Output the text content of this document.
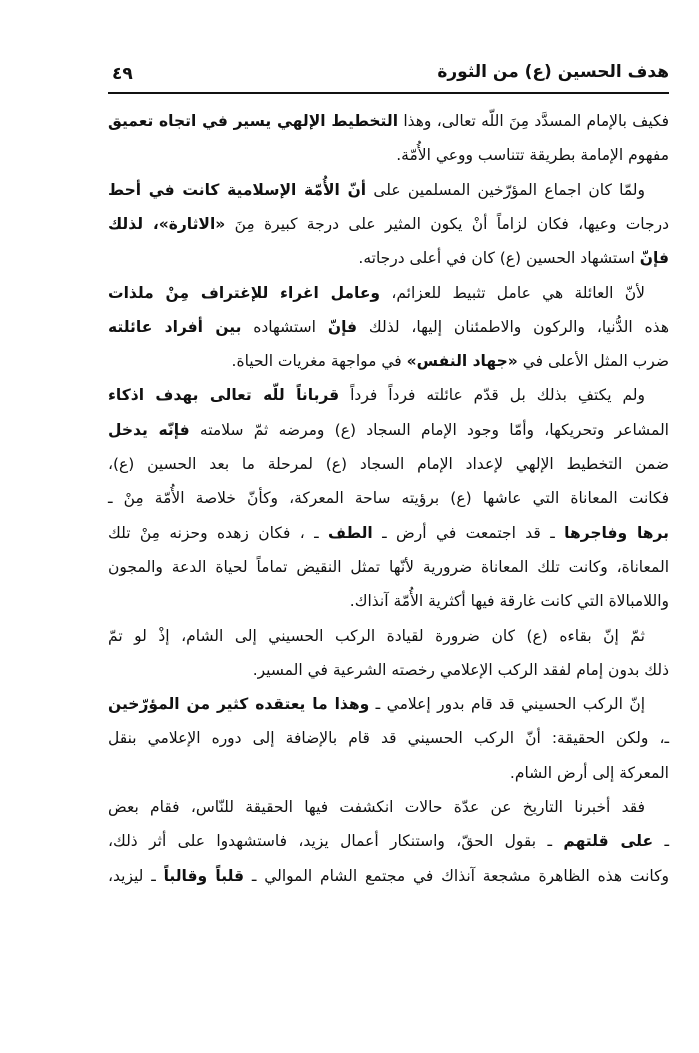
هدف الحسين (ع) من الثورة
٤٩
فكيف بالإمام المسدَّد مِنَ اللّه تعالى، وهذا التخطيط الإلهي يسير في اتجاه تعميق
مفهوم الإمامة بطريقة تتناسب ووعي الأُمّة.
ولمّا كان اجماع المؤرّخين المسلمين على أنّ الأُمّة الإسلامية كانت في أحط
درجات وعيها، فكان لزاماً أنْ يكون المثير على درجة كبيرة مِنَ «الاثارة»، لذلك
فإنّ استشهاد الحسين (ع) كان في أعلى درجاته.
لأنّ العائلة هي عامل تثبيط للعزائم، وعامل اغراء للإغتراف مِنْ ملذات
هذه الدُّنيا، والركون والاطمئنان إليها، لذلك فإنّ استشهاده بين أفراد عائلته
ضرب المثل الأعلى في «جهاد النفس» في مواجهة مغريات الحياة.
ولم يكتفِ بذلك بل قدّم عائلته فرداً فرداً قرباناً للّه تعالى بهدف اذكاء
المشاعر وتحريكها، وأمّا وجود الإمام السجاد (ع) ومرضه ثمّ سلامته فإنّه يدخل
ضمن التخطيط الإلهي لإعداد الإمام السجاد (ع) لمرحلة ما بعد الحسين (ع)،
فكانت المعاناة التي عاشها (ع) برؤيته ساحة المعركة، وكأنّ خلاصة الأُمّة مِنْ ـ
برها وفاجرها ـ قد اجتمعت في أرض ـ الطف ـ ، فكان زهده وحزنه مِنْ تلك
المعاناة، وكانت تلك المعاناة ضرورية لأنّها تمثل النقيض تماماً لحياة الدعة والمجون
واللامبالاة التي كانت غارقة فيها أكثرية الأُمّة آنذاك.
ثمّ إنّ بقاءه (ع) كان ضرورة لقيادة الركب الحسيني إلى الشام، إذْ لو تمّ
ذلك بدون إمام لفقد الركب الإعلامي رخصته الشرعية في المسير.
إنّ الركب الحسيني قد قام بدور إعلامي ـ وهذا ما يعتقده كثير من المؤرّخين
ـ، ولكن الحقيقة: أنّ الركب الحسيني قد قام بالإضافة إلى دوره الإعلامي بنقل
المعركة إلى أرض الشام.
فقد أخبرنا التاريخ عن عدّة حالات انكشفت فيها الحقيقة للنّاس، فقام بعض
ـ على قلتهم ـ بقول الحقّ، واستنكار أعمال يزيد، فاستشهدوا على أثر ذلك،
وكانت هذه الظاهرة مشجعة آنذاك في مجتمع الشام الموالي ـ قلباً وقالباً ـ ليزيد،
